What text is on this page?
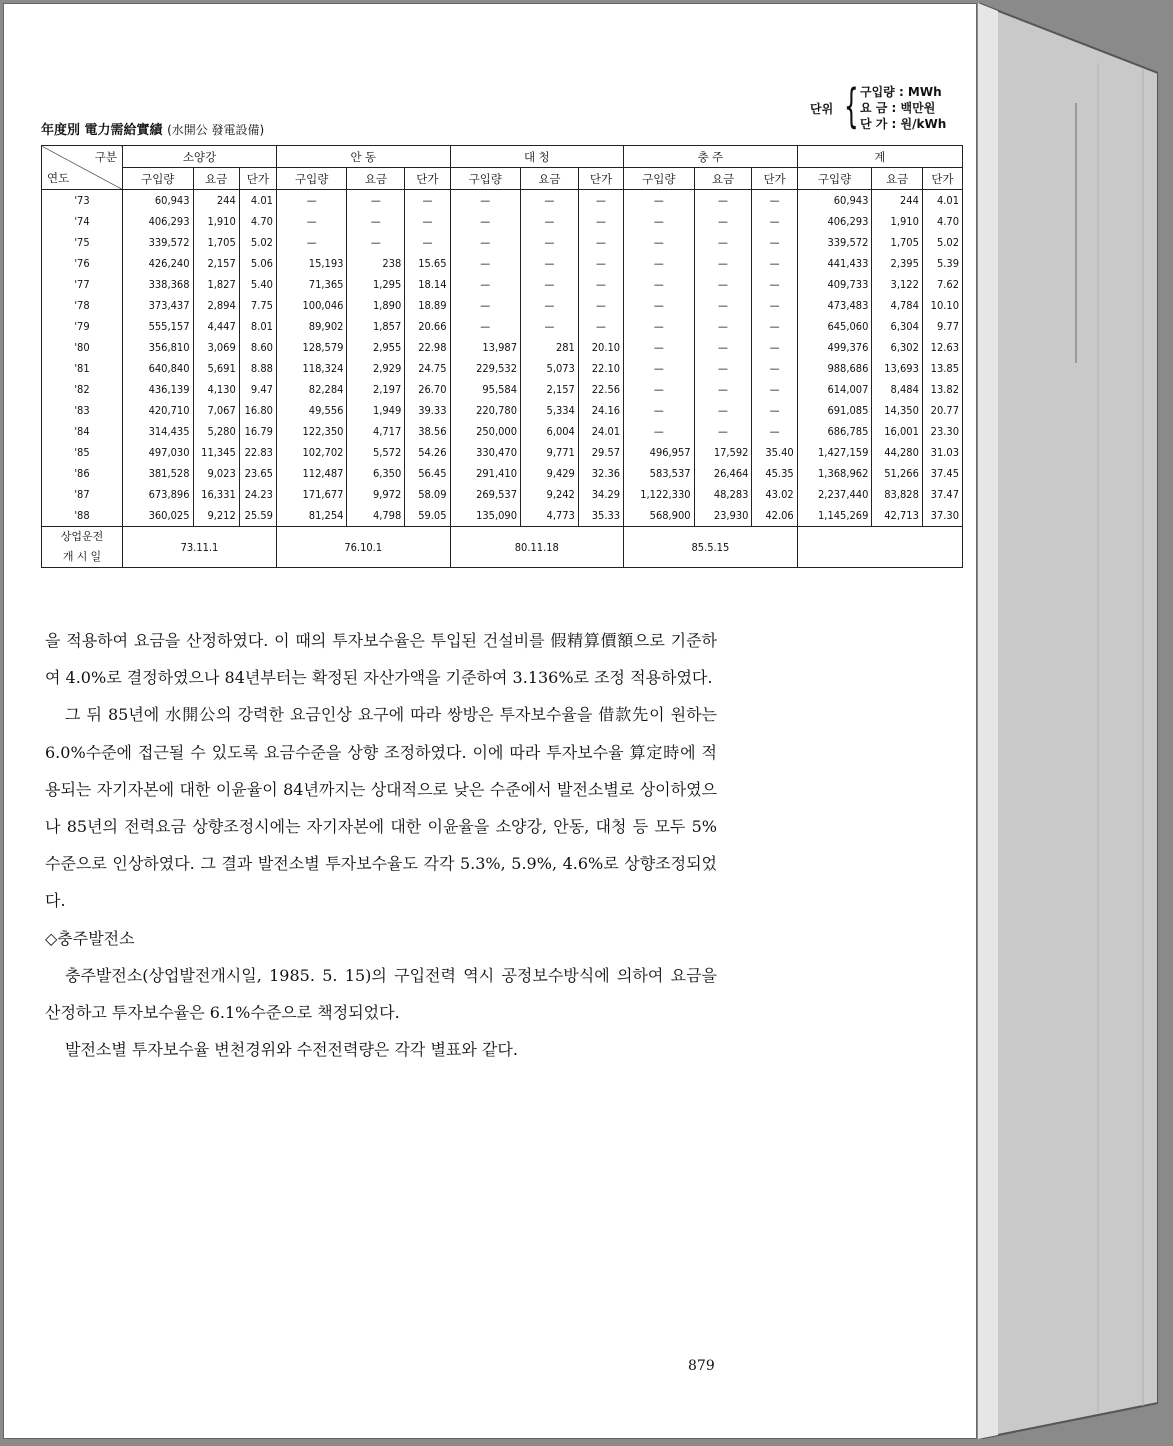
年度別 電力需給實績 (水開公 發電設備)
단위 { 구입량 : MWh
요 금 : 백만원
단 가 : 원/kWh
구분
연도	소양강			안 동			대 청			충 주			계		
	구입량	요금	단가	구입량	요금	단가	구입량	요금	단가	구입량	요금	단가	구입량	요금	단가
'73	60,943	244	4.01	—	—	—	—	—	—	—	—	—	60,943	244	4.01
'74	406,293	1,910	4.70	—	—	—	—	—	—	—	—	—	406,293	1,910	4.70
'75	339,572	1,705	5.02	—	—	—	—	—	—	—	—	—	339,572	1,705	5.02
'76	426,240	2,157	5.06	15,193	238	15.65	—	—	—	—	—	—	441,433	2,395	5.39
'77	338,368	1,827	5.40	71,365	1,295	18.14	—	—	—	—	—	—	409,733	3,122	7.62
'78	373,437	2,894	7.75	100,046	1,890	18.89	—	—	—	—	—	—	473,483	4,784	10.10
'79	555,157	4,447	8.01	89,902	1,857	20.66	—	—	—	—	—	—	645,060	6,304	9.77
'80	356,810	3,069	8.60	128,579	2,955	22.98	13,987	281	20.10	—	—	—	499,376	6,302	12.63
'81	640,840	5,691	8.88	118,324	2,929	24.75	229,532	5,073	22.10	—	—	—	988,686	13,693	13.85
'82	436,139	4,130	9.47	82,284	2,197	26.70	95,584	2,157	22.56	—	—	—	614,007	8,484	13.82
'83	420,710	7,067	16.80	49,556	1,949	39.33	220,780	5,334	24.16	—	—	—	691,085	14,350	20.77
'84	314,435	5,280	16.79	122,350	4,717	38.56	250,000	6,004	24.01	—	—	—	686,785	16,001	23.30
'85	497,030	11,345	22.83	102,702	5,572	54.26	330,470	9,771	29.57	496,957	17,592	35.40	1,427,159	44,280	31.03
'86	381,528	9,023	23.65	112,487	6,350	56.45	291,410	9,429	32.36	583,537	26,464	45.35	1,368,962	51,266	37.45
'87	673,896	16,331	24.23	171,677	9,972	58.09	269,537	9,242	34.29	1,122,330	48,283	43.02	2,237,440	83,828	37.47
'88	360,025	9,212	25.59	81,254	4,798	59.05	135,090	4,773	35.33	568,900	23,930	42.06	1,145,269	42,713	37.30

상업운전
개 시 일	73.11.1			76.10.1			80.11.18			85.5.15					

을 적용하여 요금을 산정하였다. 이 때의 투자보수율은 투입된 건설비를 假精算價額으로 기준하여 4.0%로 결정하였으나 84년부터는 확정된 자산가액을 기준하여 3.136%로 조정 적용하였다.

그 뒤 85년에 水開公의 강력한 요금인상 요구에 따라 쌍방은 투자보수율을 借款先이 원하는 6.0%수준에 접근될 수 있도록 요금수준을 상향 조정하였다. 이에 따라 투자보수율 算定時에 적용되는 자기자본에 대한 이윤율이 84년까지는 상대적으로 낮은 수준에서 발전소별로 상이하였으나 85년의 전력요금 상향조정시에는 자기자본에 대한 이윤율을 소양강, 안동, 대청 등 모두 5%수준으로 인상하였다. 그 결과 발전소별 투자보수율도 각각 5.3%, 5.9%, 4.6%로 상향조정되었다.

◇충주발전소

충주발전소(상업발전개시일, 1985. 5. 15)의 구입전력 역시 공정보수방식에 의하여 요금을 산정하고 투자보수율은 6.1%수준으로 책정되었다.

발전소별 투자보수율 변천경위와 수전전력량은 각각 별표와 같다.

879
